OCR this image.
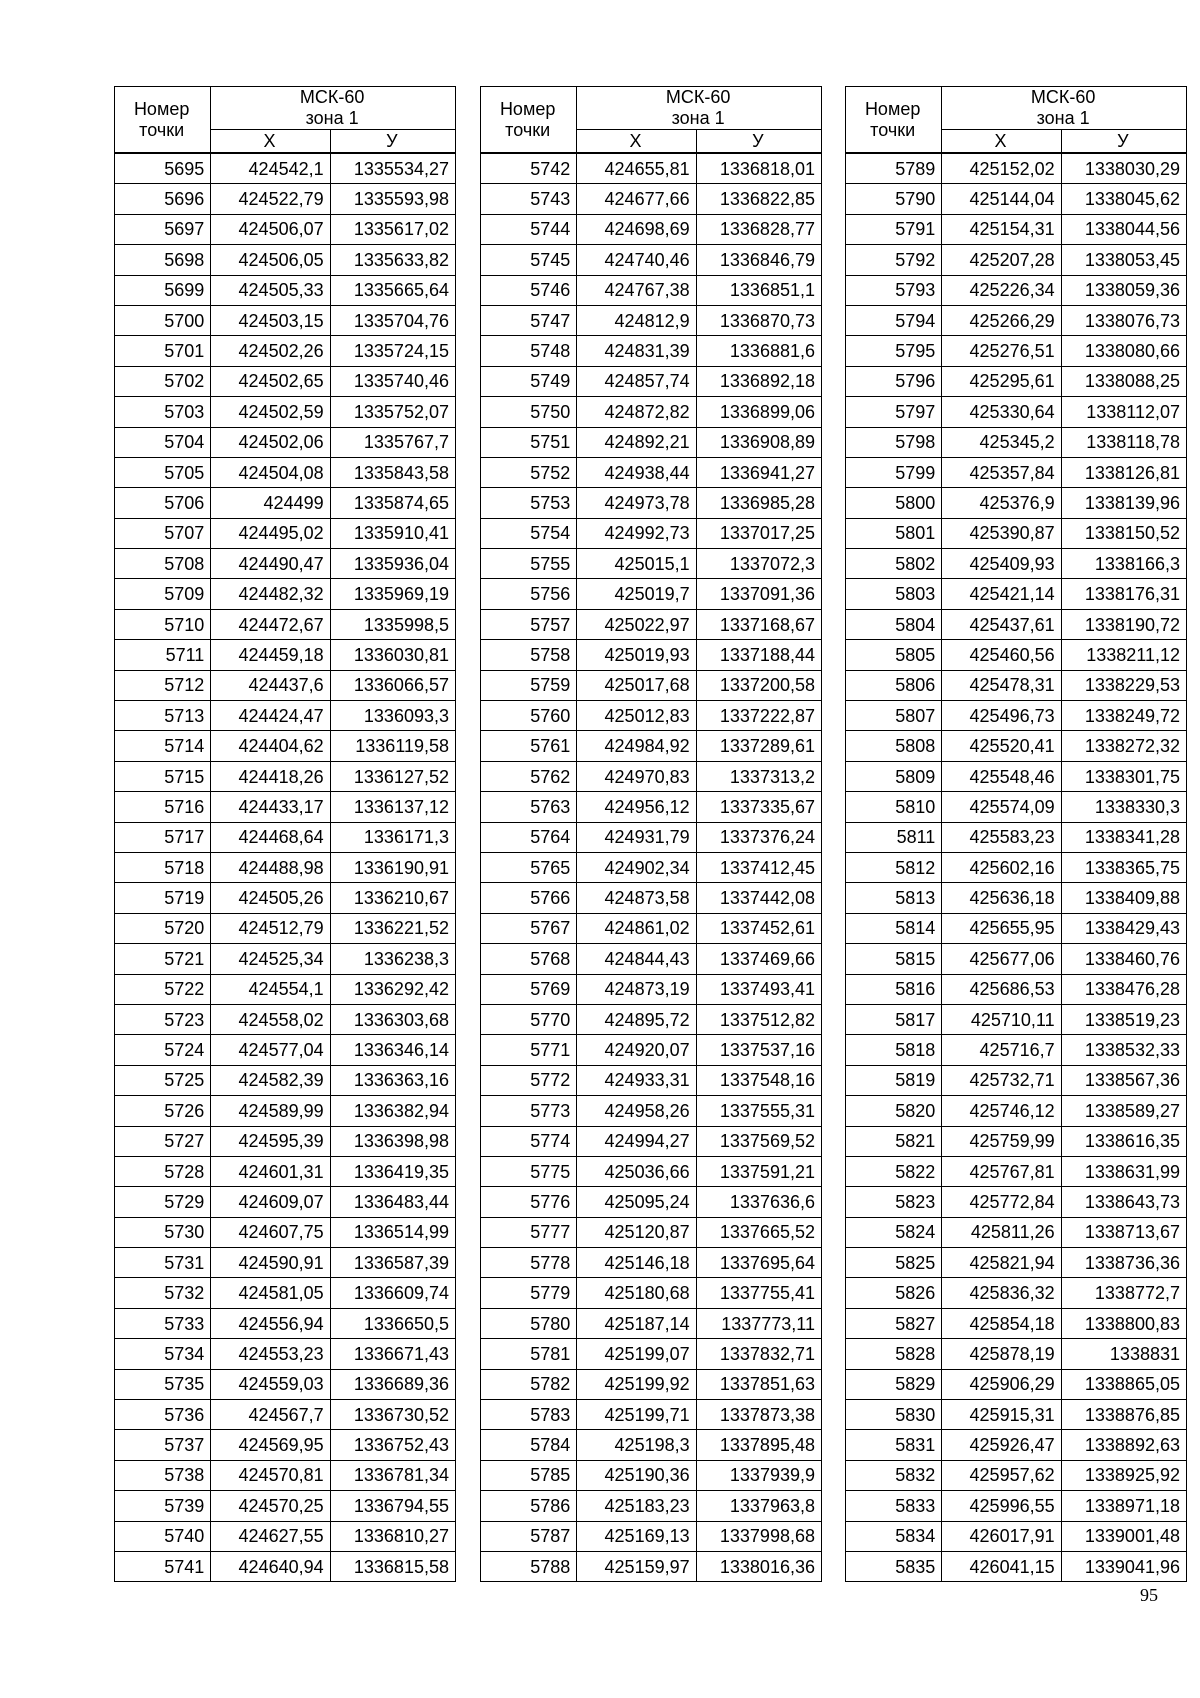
Номер
точки	МСК-60
зона 1	
	Х	У
5695	424542,1	1335534,27
5696	424522,79	1335593,98
5697	424506,07	1335617,02
5698	424506,05	1335633,82
5699	424505,33	1335665,64
5700	424503,15	1335704,76
5701	424502,26	1335724,15
5702	424502,65	1335740,46
5703	424502,59	1335752,07
5704	424502,06	1335767,7
5705	424504,08	1335843,58
5706	424499	1335874,65
5707	424495,02	1335910,41
5708	424490,47	1335936,04
5709	424482,32	1335969,19
5710	424472,67	1335998,5
5711	424459,18	1336030,81
5712	424437,6	1336066,57
5713	424424,47	1336093,3
5714	424404,62	1336119,58
5715	424418,26	1336127,52
5716	424433,17	1336137,12
5717	424468,64	1336171,3
5718	424488,98	1336190,91
5719	424505,26	1336210,67
5720	424512,79	1336221,52
5721	424525,34	1336238,3
5722	424554,1	1336292,42
5723	424558,02	1336303,68
5724	424577,04	1336346,14
5725	424582,39	1336363,16
5726	424589,99	1336382,94
5727	424595,39	1336398,98
5728	424601,31	1336419,35
5729	424609,07	1336483,44
5730	424607,75	1336514,99
5731	424590,91	1336587,39
5732	424581,05	1336609,74
5733	424556,94	1336650,5
5734	424553,23	1336671,43
5735	424559,03	1336689,36
5736	424567,7	1336730,52
5737	424569,95	1336752,43
5738	424570,81	1336781,34
5739	424570,25	1336794,55
5740	424627,55	1336810,27
5741	424640,94	1336815,58
Номер
точки	МСК-60
зона 1	
	Х	У
5742	424655,81	1336818,01
5743	424677,66	1336822,85
5744	424698,69	1336828,77
5745	424740,46	1336846,79
5746	424767,38	1336851,1
5747	424812,9	1336870,73
5748	424831,39	1336881,6
5749	424857,74	1336892,18
5750	424872,82	1336899,06
5751	424892,21	1336908,89
5752	424938,44	1336941,27
5753	424973,78	1336985,28
5754	424992,73	1337017,25
5755	425015,1	1337072,3
5756	425019,7	1337091,36
5757	425022,97	1337168,67
5758	425019,93	1337188,44
5759	425017,68	1337200,58
5760	425012,83	1337222,87
5761	424984,92	1337289,61
5762	424970,83	1337313,2
5763	424956,12	1337335,67
5764	424931,79	1337376,24
5765	424902,34	1337412,45
5766	424873,58	1337442,08
5767	424861,02	1337452,61
5768	424844,43	1337469,66
5769	424873,19	1337493,41
5770	424895,72	1337512,82
5771	424920,07	1337537,16
5772	424933,31	1337548,16
5773	424958,26	1337555,31
5774	424994,27	1337569,52
5775	425036,66	1337591,21
5776	425095,24	1337636,6
5777	425120,87	1337665,52
5778	425146,18	1337695,64
5779	425180,68	1337755,41
5780	425187,14	1337773,11
5781	425199,07	1337832,71
5782	425199,92	1337851,63
5783	425199,71	1337873,38
5784	425198,3	1337895,48
5785	425190,36	1337939,9
5786	425183,23	1337963,8
5787	425169,13	1337998,68
5788	425159,97	1338016,36
Номер
точки	МСК-60
зона 1	
	Х	У
5789	425152,02	1338030,29
5790	425144,04	1338045,62
5791	425154,31	1338044,56
5792	425207,28	1338053,45
5793	425226,34	1338059,36
5794	425266,29	1338076,73
5795	425276,51	1338080,66
5796	425295,61	1338088,25
5797	425330,64	1338112,07
5798	425345,2	1338118,78
5799	425357,84	1338126,81
5800	425376,9	1338139,96
5801	425390,87	1338150,52
5802	425409,93	1338166,3
5803	425421,14	1338176,31
5804	425437,61	1338190,72
5805	425460,56	1338211,12
5806	425478,31	1338229,53
5807	425496,73	1338249,72
5808	425520,41	1338272,32
5809	425548,46	1338301,75
5810	425574,09	1338330,3
5811	425583,23	1338341,28
5812	425602,16	1338365,75
5813	425636,18	1338409,88
5814	425655,95	1338429,43
5815	425677,06	1338460,76
5816	425686,53	1338476,28
5817	425710,11	1338519,23
5818	425716,7	1338532,33
5819	425732,71	1338567,36
5820	425746,12	1338589,27
5821	425759,99	1338616,35
5822	425767,81	1338631,99
5823	425772,84	1338643,73
5824	425811,26	1338713,67
5825	425821,94	1338736,36
5826	425836,32	1338772,7
5827	425854,18	1338800,83
5828	425878,19	1338831
5829	425906,29	1338865,05
5830	425915,31	1338876,85
5831	425926,47	1338892,63
5832	425957,62	1338925,92
5833	425996,55	1338971,18
5834	426017,91	1339001,48
5835	426041,15	1339041,96
95
